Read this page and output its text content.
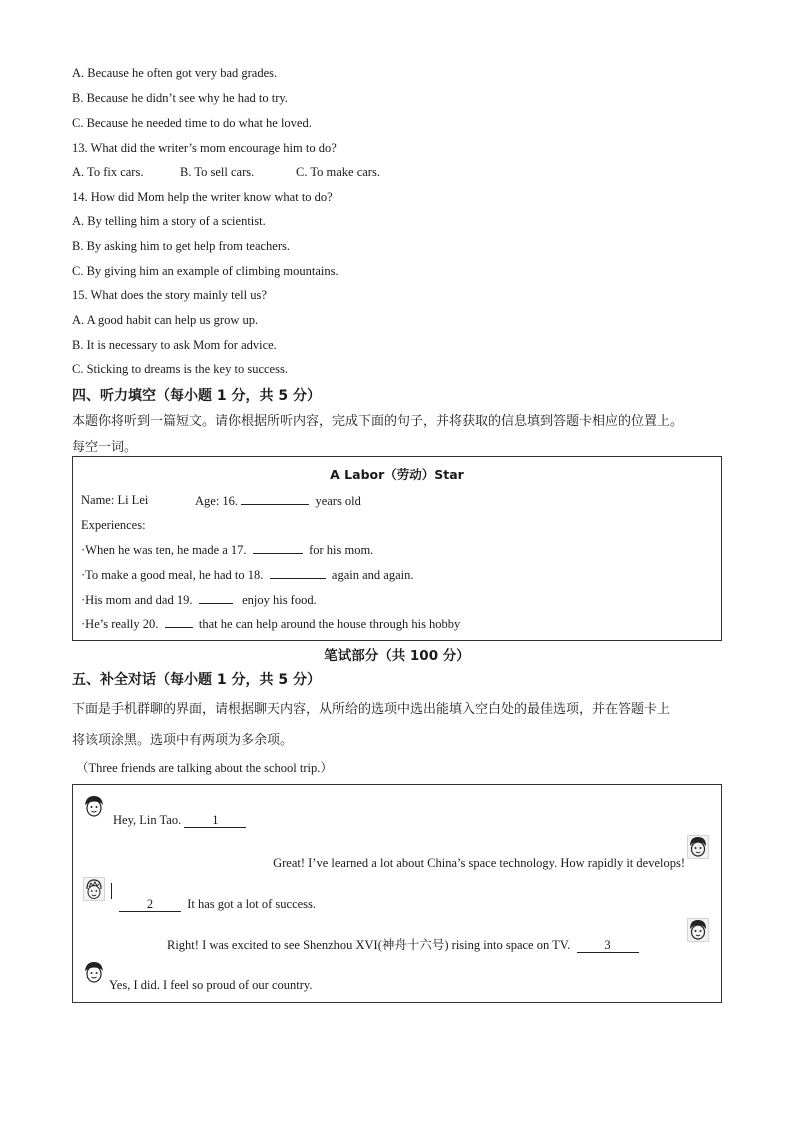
A. Because he often got very bad grades.
B. Because he didn’t see why he had to try.
C. Because he needed time to do what he loved.
13. What did the writer’s mom encourage him to do?
A. To fix cars.	B. To sell cars.	C. To make cars.
14. How did Mom help the writer know what to do?
A. By telling him a story of a scientist.
B. By asking him to get help from teachers.
C. By giving him an example of climbing mountains.
15. What does the story mainly tell us?
A. A good habit can help us grow up.
B. It is necessary to ask Mom for advice.
C. Sticking to dreams is the key to success.
四、听力填空（每小题 1 分，共 5 分）
本题你将听到一篇短文。请你根据所听内容，完成下面的句子，并将获取的信息填到答题卡相应的位置上。
每空一词。
A Labor（劳动）Star
Name: Li Lei	Age: 16.	years old
Experiences:
·When he was ten, he made a 17.	for his mom.
·To make a good meal, he had to 18.	again and again.
·His mom and dad 19.	enjoy his food.
·He’s really 20.	that he can help around the house through his hobby
笔试部分（共 100 分）
五、补全对话（每小题 1 分，共 5 分）
下面是手机群聊的界面，请根据聊天内容，从所给的选项中选出能填入空白处的最佳选项，并在答题卡上
将该项涂黑。选项中有两项为多余项。
（Three friends are talking about the school trip.）
Hey, Lin Tao. 1
Great! I’ve learned a lot about China’s space technology. How rapidly it develops!
2	It has got a lot of success.
Right! I was excited to see Shenzhou XVI(神舟十六号) rising into space on TV.	3
Yes, I did. I feel so proud of our country.
